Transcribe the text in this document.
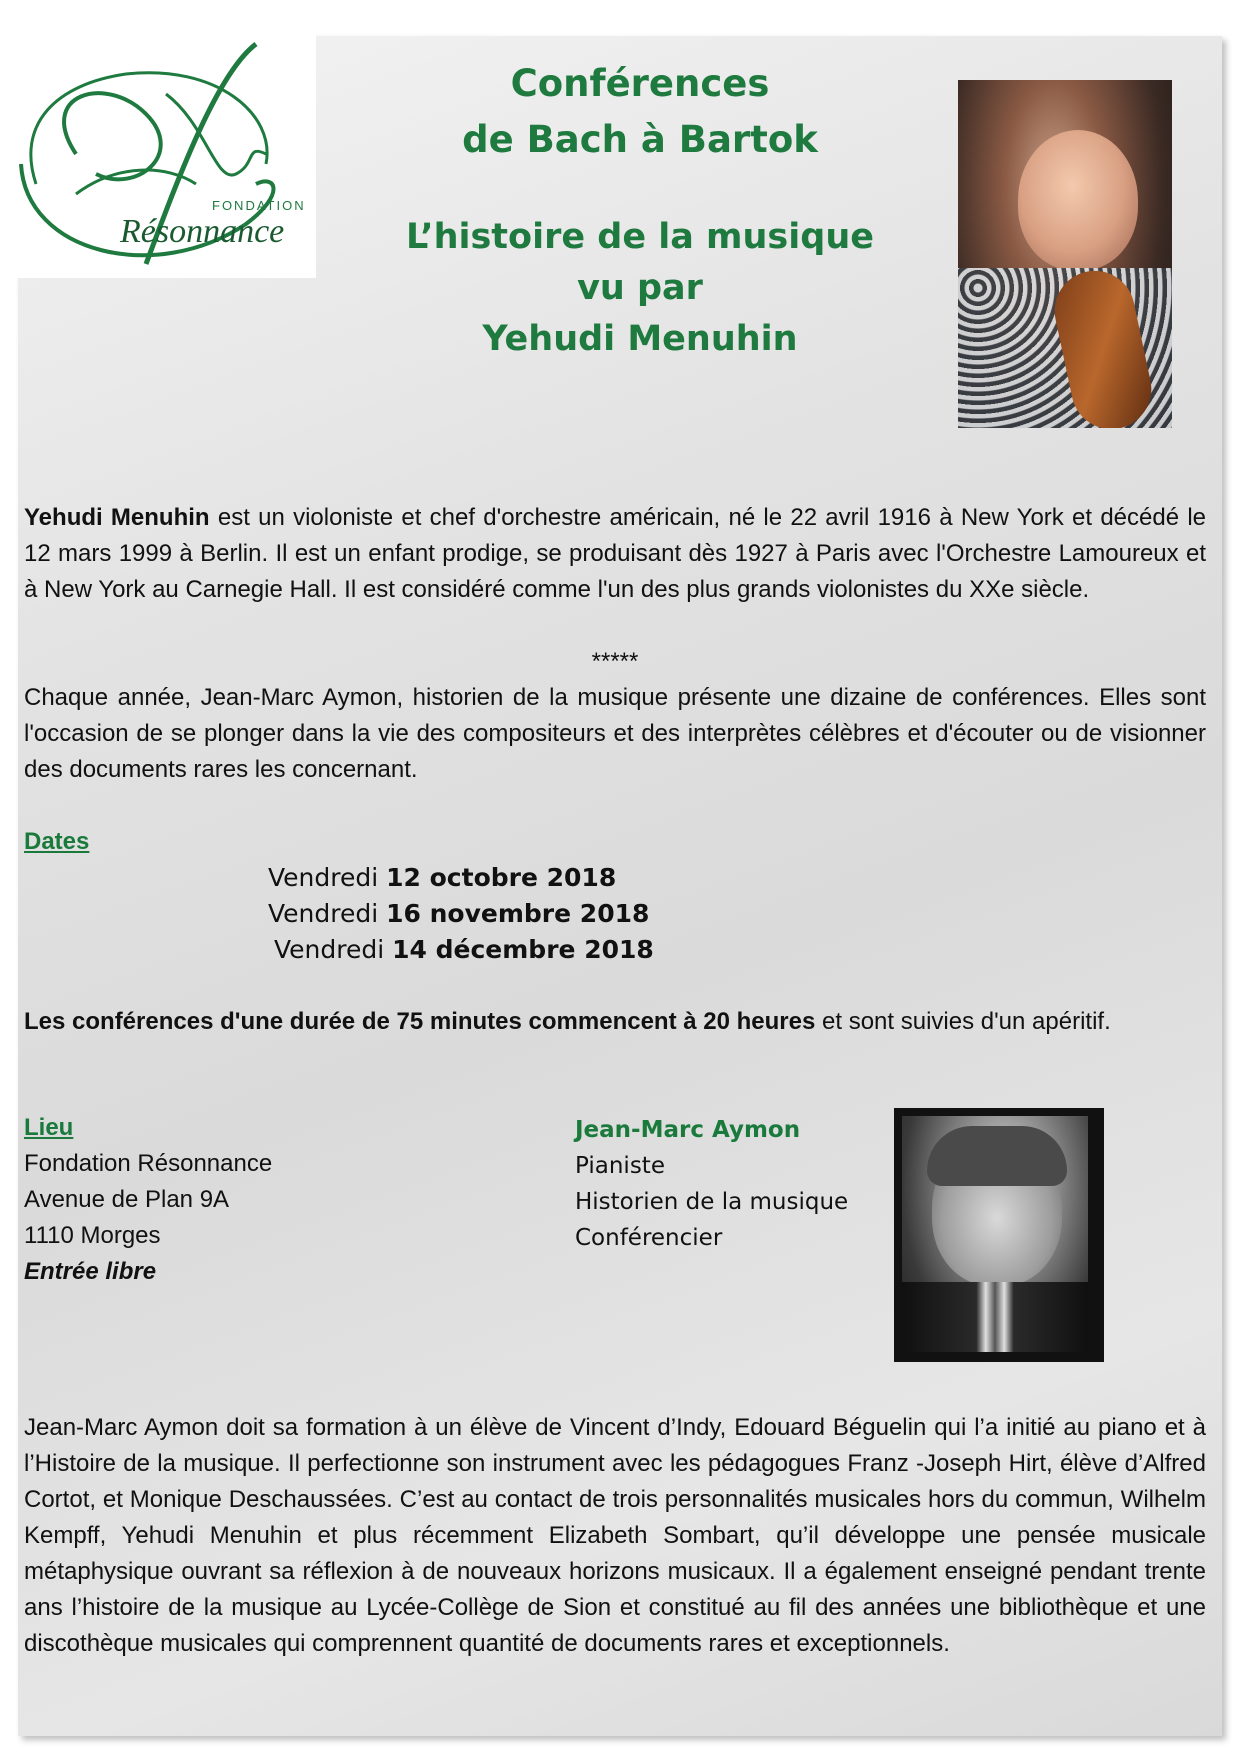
FONDATION
Résonnance
Conférences
de Bach à Bartok
L’histoire de la musique
vu par
Yehudi Menuhin
Yehudi Menuhin est un violoniste et chef d'orchestre américain, né le 22 avril 1916 à New York et décédé le 12 mars 1999 à Berlin. Il est un enfant prodige, se produisant dès 1927 à Paris avec l'Orchestre Lamoureux et à New York au Carnegie Hall. Il est considéré comme l'un des plus grands violonistes du XXe siècle.
*****
Chaque année, Jean-Marc Aymon, historien de la musique présente une dizaine de conférences. Elles sont l'occasion de se plonger dans la vie des compositeurs et des interprètes célèbres et d'écouter ou de visionner des documents rares les concernant.
Dates
Vendredi 12 octobre 2018
Vendredi 16 novembre 2018
Vendredi 14 décembre 2018
Les conférences d'une durée de 75 minutes commencent à 20 heures et sont suivies d'un apéritif.
Lieu
Fondation Résonnance
Avenue de Plan 9A
1110 Morges
Entrée libre
Jean-Marc Aymon
Pianiste
Historien de la musique
Conférencier
Jean-Marc Aymon doit sa formation à un élève de Vincent d’Indy, Edouard Béguelin qui l’a initié au piano et à l’Histoire de la musique. Il perfectionne son instrument avec les pédagogues Franz -Joseph Hirt, élève d’Alfred Cortot, et Monique Deschaussées. C’est au contact de trois personnalités musicales hors du commun, Wilhelm Kempff, Yehudi Menuhin et plus récemment Elizabeth Sombart, qu’il développe une pensée musicale métaphysique ouvrant sa réflexion à de nouveaux horizons musicaux. Il a également enseigné pendant trente ans l’histoire de la musique au Lycée-Collège de Sion et constitué au fil des années une bibliothèque et une discothèque musicales qui comprennent quantité de documents rares et exceptionnels.
